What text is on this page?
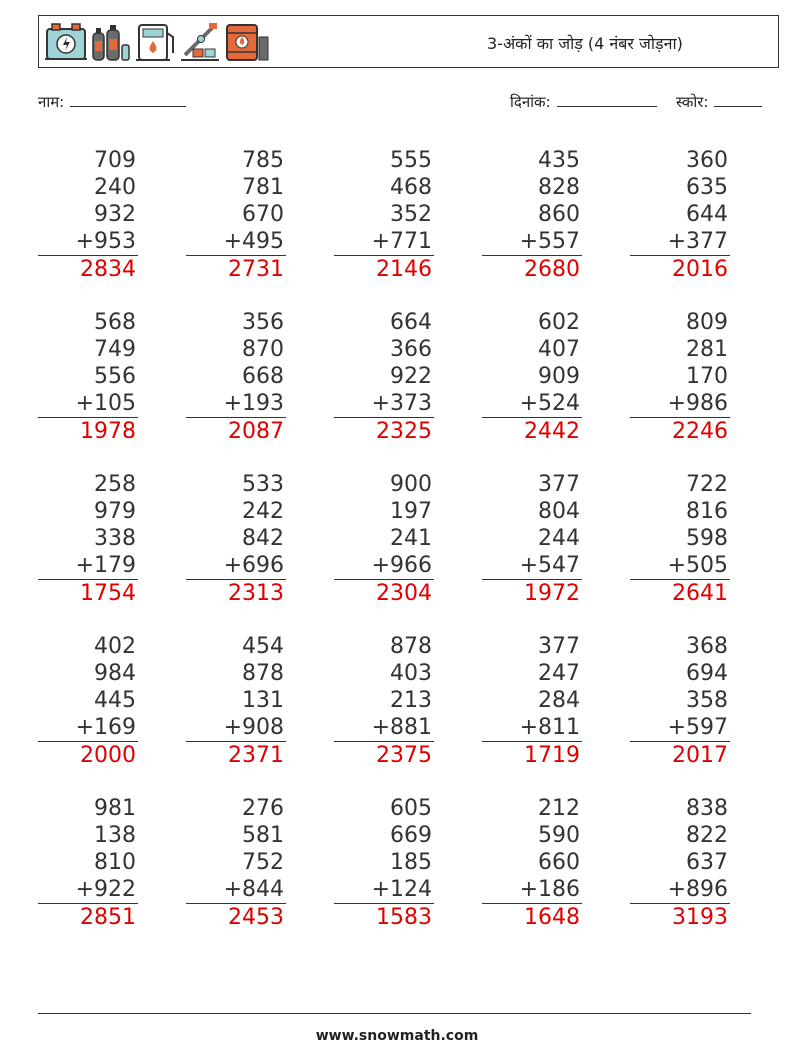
3-अंकों का जोड़ (4 नंबर जोड़ना)
नाम:	दिनांक:	स्कोर:
709
240
932
+953
2834
785
781
670
+495
2731
555
468
352
+771
2146
435
828
860
+557
2680
360
635
644
+377
2016
568
749
556
+105
1978
356
870
668
+193
2087
664
366
922
+373
2325
602
407
909
+524
2442
809
281
170
+986
2246
258
979
338
+179
1754
533
242
842
+696
2313
900
197
241
+966
2304
377
804
244
+547
1972
722
816
598
+505
2641
402
984
445
+169
2000
454
878
131
+908
2371
878
403
213
+881
2375
377
247
284
+811
1719
368
694
358
+597
2017
981
138
810
+922
2851
276
581
752
+844
2453
605
669
185
+124
1583
212
590
660
+186
1648
838
822
637
+896
3193
www.snowmath.com
